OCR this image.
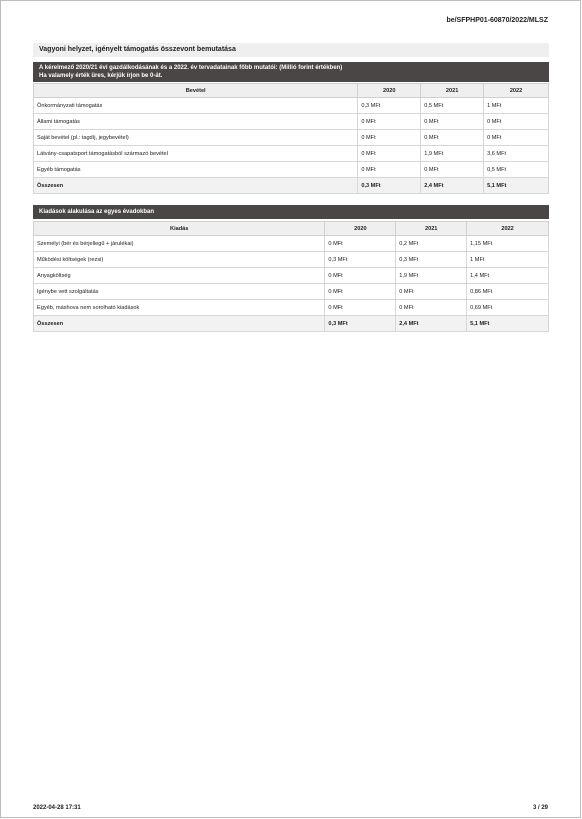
be/SFPHP01-60870/2022/MLSZ
Vagyoni helyzet, igényelt támogatás összevont bemutatása
A kérelmező 2020/21 évi gazdálkodásának és a 2022. év tervadatainak főbb mutatói: (Millió forint értékben)
Ha valamely érték üres, kérjük írjon be 0-át.
Bevétel	2020	2021	2022
Önkormányzati támogatás	0,3 MFt	0,5 MFt	1 MFt
Állami támogatás	0 MFt	0 MFt	0 MFt
Saját bevétel (pl.: tagdíj, jegybevétel)	0 MFt	0 MFt	0 MFt
Látvány-csapatsport támogatásból származó bevétel	0 MFt	1,9 MFt	3,6 MFt
Egyéb támogatás	0 MFt	0 MFt	0,5 MFt
Összesen	0,3 MFt	2,4 MFt	5,1 MFt
Kiadások alakulása az egyes évadokban
Kiadás	2020	2021	2022
Személyi (bér és bérjellegű + járulékai)	0 MFt	0,2 MFt	1,15 MFt
Működési költségek (rezsi)	0,3 MFt	0,3 MFt	1 MFt
Anyagköltség	0 MFt	1,9 MFt	1,4 MFt
Igénybe vett szolgáltatás	0 MFt	0 MFt	0,86 MFt
Egyéb, máshova nem sorolható kiadások	0 MFt	0 MFt	0,69 MFt
Összesen	0,3 MFt	2,4 MFt	5,1 MFt
2022-04-28 17:31	3 / 29
